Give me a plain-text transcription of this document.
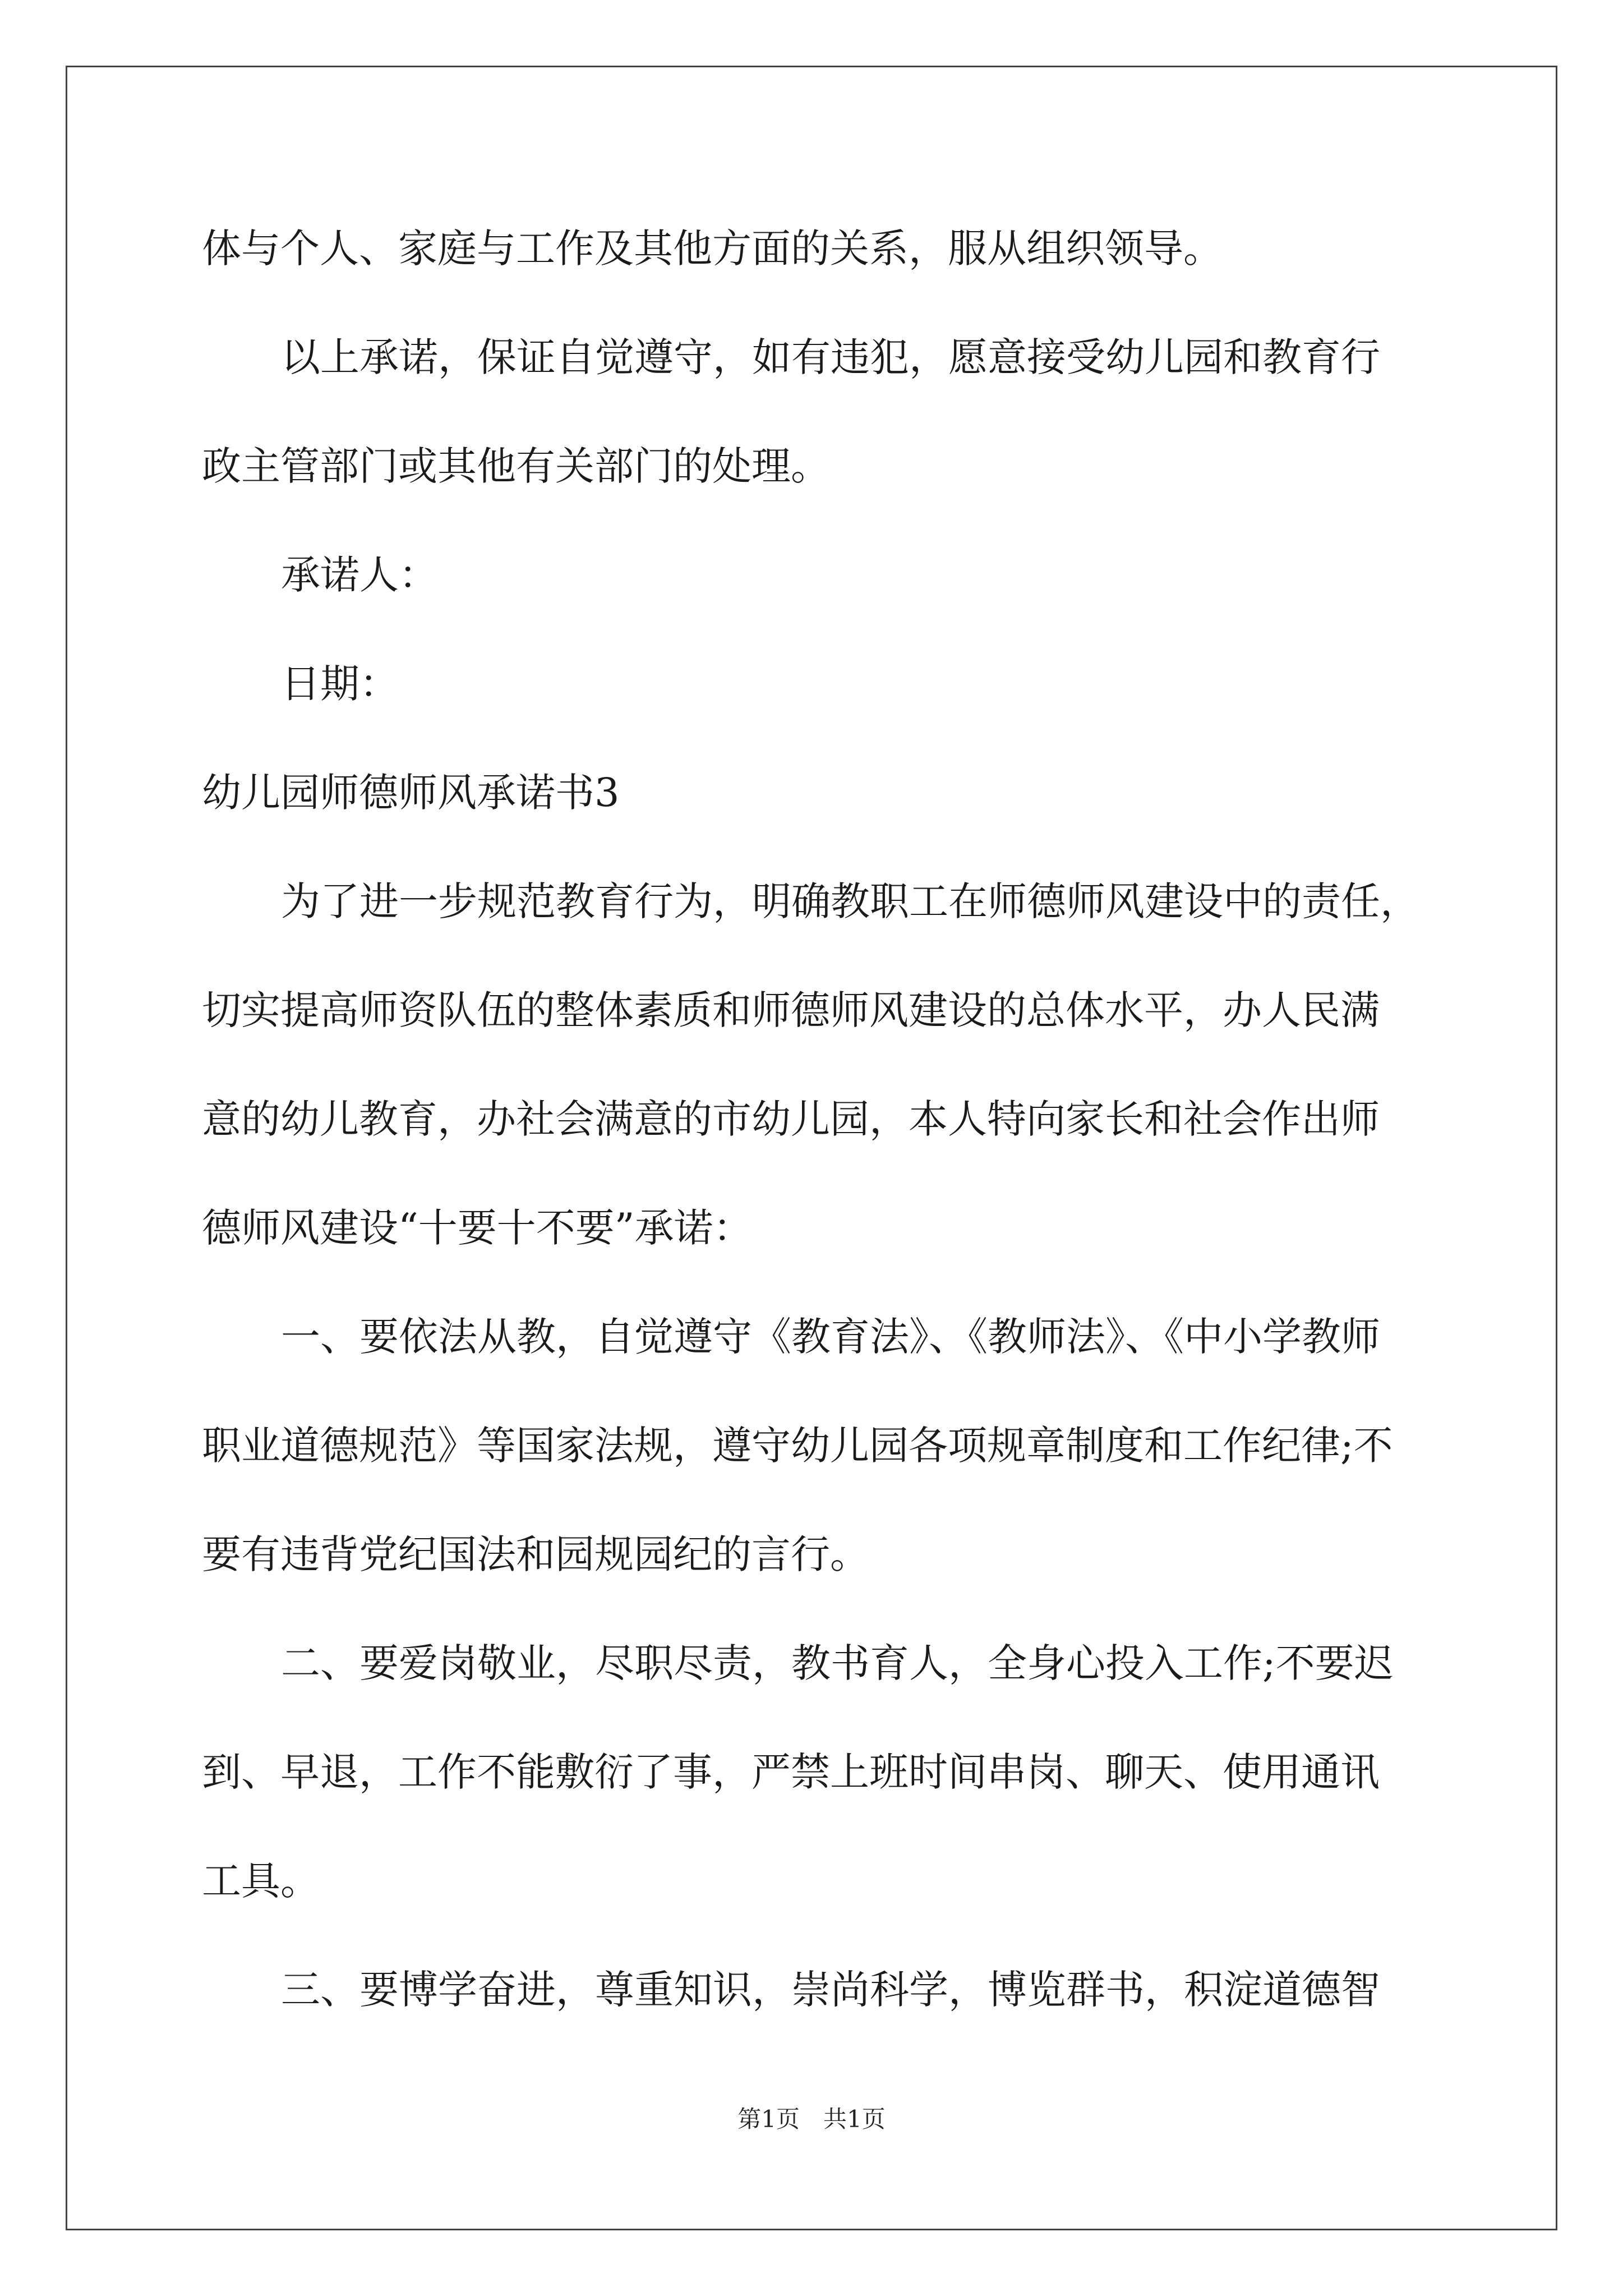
体与个人、家庭与工作及其他方面的关系，服从组织领导。
以上承诺，保证自觉遵守，如有违犯，愿意接受幼儿园和教育行
政主管部门或其他有关部门的处理。
承诺人：
日期：
幼儿园师德师风承诺书3
为了进一步规范教育行为，明确教职工在师德师风建设中的责任，
切实提高师资队伍的整体素质和师德师风建设的总体水平，办人民满
意的幼儿教育，办社会满意的市幼儿园，本人特向家长和社会作出师
德师风建设“十要十不要”承诺：
一、要依法从教，自觉遵守《教育法》、《教师法》、《中小学教师
职业道德规范》等国家法规，遵守幼儿园各项规章制度和工作纪律;不
要有违背党纪国法和园规园纪的言行。
二、要爱岗敬业，尽职尽责，教书育人，全身心投入工作;不要迟
到、早退，工作不能敷衍了事，严禁上班时间串岗、聊天、使用通讯
工具。
三、要博学奋进，尊重知识，崇尚科学，博览群书，积淀道德智
第1页　共1页
